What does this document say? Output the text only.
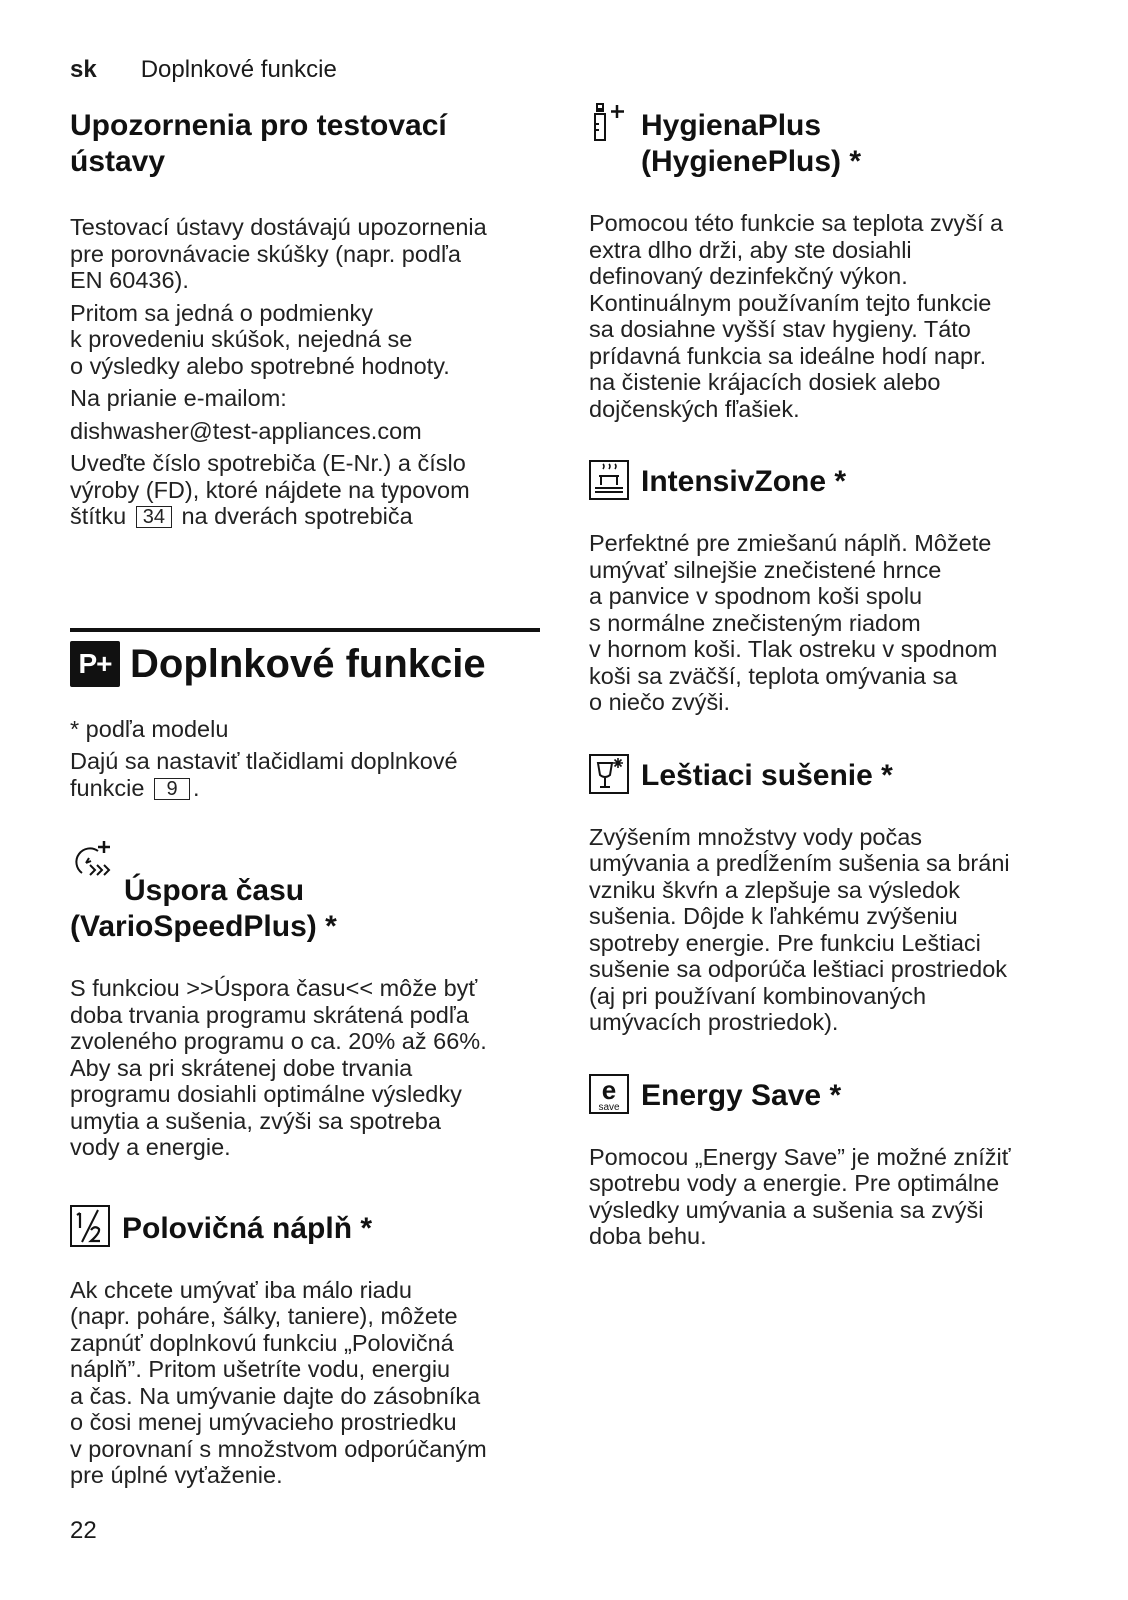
sk Doplnkové funkcie
Upozornenia pro testovací
ústavy

Testovací ústavy dostávajú upozornenia
pre porovnávacie skúšky (napr. podľa
EN 60436).

Pritom sa jedná o podmienky
k provedeniu skúšok, nejedná se
o výsledky alebo spotrebné hodnoty.

Na prianie e-mailom:

dishwasher@test-appliances.com

Uveďte číslo spotrebiča (E-Nr.) a číslo
výroby (FD), ktoré nájdete na typovom
štítku 34 na dverách spotrebiča

P+ Doplnkové funkcie

* podľa modelu

Dajú sa nastaviť tlačidlami doplnkové
funkcie 9 .

Úspora času
(VarioSpeedPlus) *

S funkciou >>Úspora času<< môže byť
doba trvania programu skrátená podľa
zvoleného programu o ca. 20% až 66%.
Aby sa pri skrátenej dobe trvania
programu dosiahli optimálne výsledky
umytia a sušenia, zvýši sa spotreba
vody a energie.

Polovičná náplň *

Ak chcete umývať iba málo riadu
(napr. poháre, šálky, taniere), môžete
zapnúť doplnkovú funkciu „Polovičná
náplň”. Pritom ušetríte vodu, energiu
a čas. Na umývanie dajte do zásobníka
o čosi menej umývacieho prostriedku
v porovnaní s množstvom odporúčaným
pre úplné vyťaženie.

HygienaPlus
(HygienePlus) *

Pomocou této funkcie sa teplota zvyší a
extra dlho drži, aby ste dosiahli
definovaný dezinfekčný výkon.
Kontinuálnym používaním tejto funkcie
sa dosiahne vyšší stav hygieny. Táto
prídavná funkcia sa ideálne hodí napr.
na čistenie krájacích dosiek alebo
dojčenských fľašiek.

IntensivZone *

Perfektné pre zmiešanú náplň. Môžete
umývať silnejšie znečistené hrnce
a panvice v spodnom koši spolu
s normálne znečisteným riadom
v hornom koši. Tlak ostreku v spodnom
koši sa zväčší, teplota omývania sa
o niečo zvýši.

Leštiaci sušenie *

Zvýšením množstvy vody počas
umývania a predĺžením sušenia sa bráni
vzniku škvŕn a zlepšuje sa výsledok
sušenia. Dôjde k ľahkému zvýšeniu
spotreby energie. Pre funkciu Leštiaci
sušenie sa odporúča leštiaci prostriedok
(aj pri používaní kombinovaných
umývacích prostriedok).

e
save Energy Save *

Pomocou „Energy Save” je možné znížiť
spotrebu vody a energie. Pre optimálne
výsledky umývania a sušenia sa zvýši
doba behu.

22
